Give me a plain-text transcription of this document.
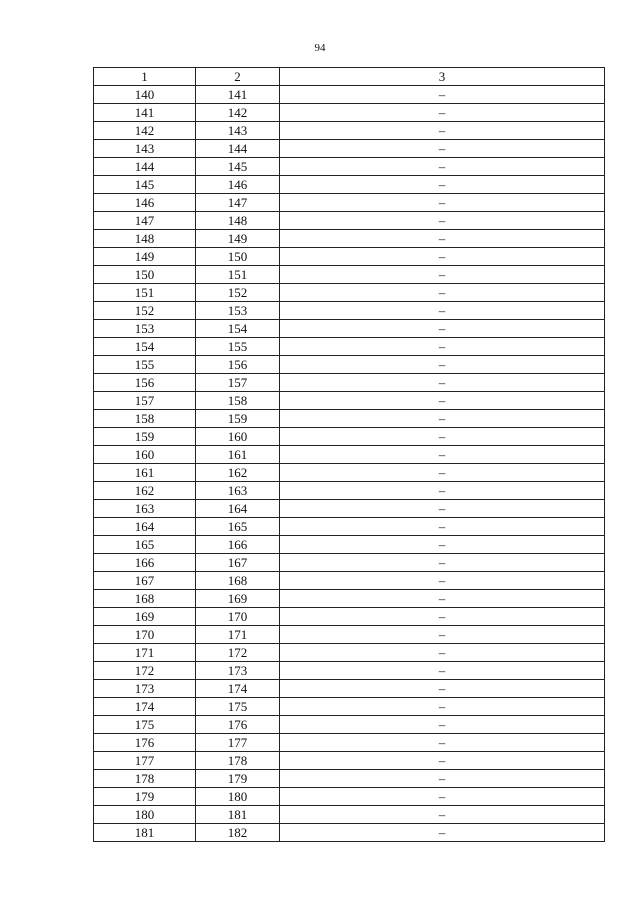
94
1	2	3
140	141	–
141	142	–
142	143	–
143	144	–
144	145	–
145	146	–
146	147	–
147	148	–
148	149	–
149	150	–
150	151	–
151	152	–
152	153	–
153	154	–
154	155	–
155	156	–
156	157	–
157	158	–
158	159	–
159	160	–
160	161	–
161	162	–
162	163	–
163	164	–
164	165	–
165	166	–
166	167	–
167	168	–
168	169	–
169	170	–
170	171	–
171	172	–
172	173	–
173	174	–
174	175	–
175	176	–
176	177	–
177	178	–
178	179	–
179	180	–
180	181	–
181	182	–
